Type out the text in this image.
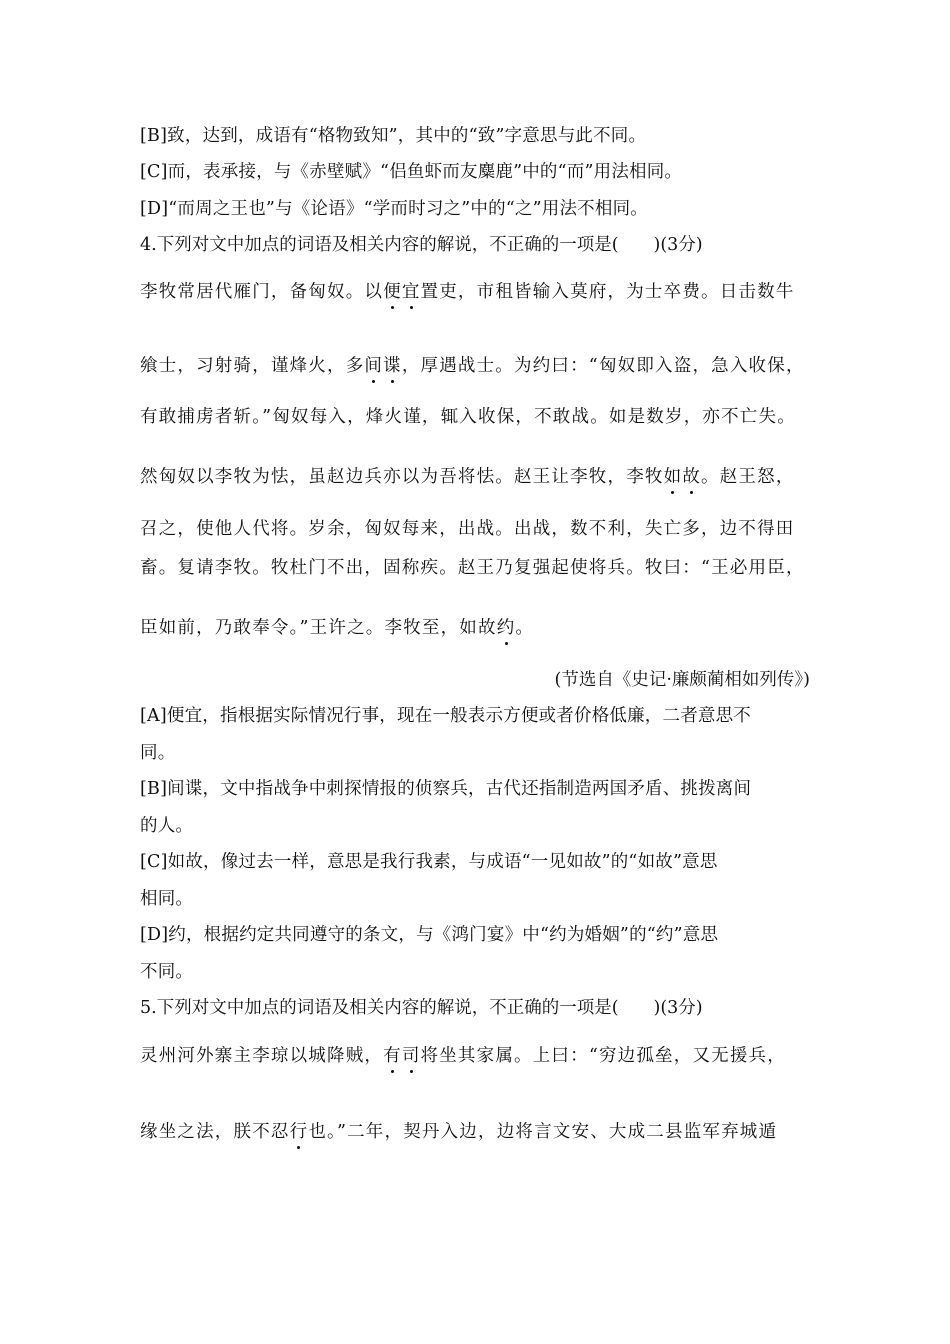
[B]致，达到，成语有“格物致知”，其中的“致”字意思与此不同。
[C]而，表承接，与《赤壁赋》“侣鱼虾而友麋鹿”中的“而”用法相同。
[D]“而周之王也”与《论语》“学而时习之”中的“之”用法不相同。
4.下列对文中加点的词语及相关内容的解说，不正确的一项是(　　)(3分)
李牧常居代雁门，备匈奴。以便宜置吏，市租皆输入莫府，为士卒费。日击数牛
飨士，习射骑，谨烽火，多间谍，厚遇战士。为约曰：“匈奴即入盗，急入收保，
有敢捕虏者斩。”匈奴每入，烽火谨，辄入收保，不敢战。如是数岁，亦不亡失。
然匈奴以李牧为怯，虽赵边兵亦以为吾将怯。赵王让李牧，李牧如故。赵王怒，
召之，使他人代将。岁余，匈奴每来，出战。出战，数不利，失亡多，边不得田
畜。复请李牧。牧杜门不出，固称疾。赵王乃复强起使将兵。牧曰：“王必用臣，
臣如前，乃敢奉令。”王许之。李牧至，如故约。
(节选自《史记·廉颇蔺相如列传》)
[A]便宜，指根据实际情况行事，现在一般表示方便或者价格低廉，二者意思不
同。
[B]间谍，文中指战争中刺探情报的侦察兵，古代还指制造两国矛盾、挑拨离间
的人。
[C]如故，像过去一样，意思是我行我素，与成语“一见如故”的“如故”意思
相同。
[D]约，根据约定共同遵守的条文，与《鸿门宴》中“约为婚姻”的“约”意思
不同。
5.下列对文中加点的词语及相关内容的解说，不正确的一项是(　　)(3分)
灵州河外寨主李琼以城降贼，有司将坐其家属。上曰：“穷边孤垒，又无援兵，
缘坐之法，朕不忍行也。”二年，契丹入边，边将言文安、大成二县监军弃城遁
